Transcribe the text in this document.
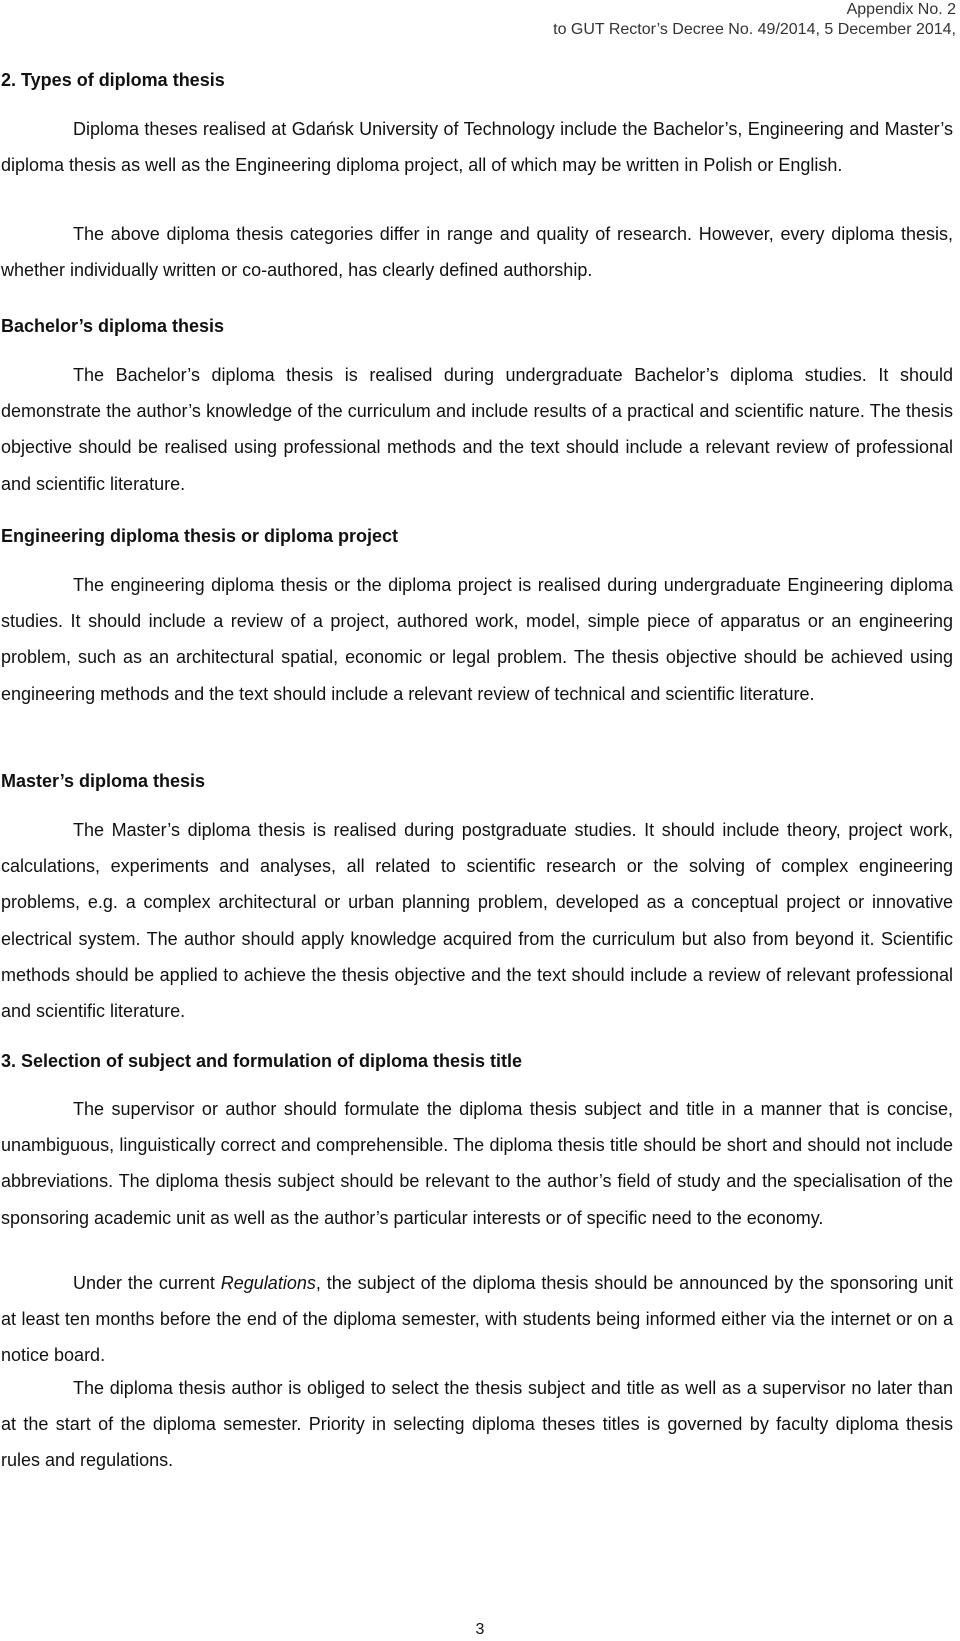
Appendix No. 2
to GUT Rector’s Decree No. 49/2014, 5 December 2014,
2. Types of diploma thesis

Diploma theses realised at Gdańsk University of Technology include the Bachelor’s, Engineering and Master’s diploma thesis as well as the Engineering diploma project, all of which may be written in Polish or English.

The above diploma thesis categories differ in range and quality of research. However, every diploma thesis, whether individually written or co-authored, has clearly defined authorship.

Bachelor’s diploma thesis

The Bachelor’s diploma thesis is realised during undergraduate Bachelor’s diploma studies. It should demonstrate the author’s knowledge of the curriculum and include results of a practical and scientific nature. The thesis objective should be realised using professional methods and the text should include a relevant review of professional and scientific literature.

Engineering diploma thesis or diploma project

The engineering diploma thesis or the diploma project is realised during undergraduate Engineering diploma studies. It should include a review of a project, authored work, model, simple piece of apparatus or an engineering problem, such as an architectural spatial, economic or legal problem. The thesis objective should be achieved using engineering methods and the text should include a relevant review of technical and scientific literature.

Master’s diploma thesis

The Master’s diploma thesis is realised during postgraduate studies. It should include theory, project work, calculations, experiments and analyses, all related to scientific research or the solving of complex engineering problems, e.g. a complex architectural or urban planning problem, developed as a conceptual project or innovative electrical system. The author should apply knowledge acquired from the curriculum but also from beyond it. Scientific methods should be applied to achieve the thesis objective and the text should include a review of relevant professional and scientific literature.

3. Selection of subject and formulation of diploma thesis title

The supervisor or author should formulate the diploma thesis subject and title in a manner that is concise, unambiguous, linguistically correct and comprehensible. The diploma thesis title should be short and should not include abbreviations. The diploma thesis subject should be relevant to the author’s field of study and the specialisation of the sponsoring academic unit as well as the author’s particular interests or of specific need to the economy.

Under the current Regulations, the subject of the diploma thesis should be announced by the sponsoring unit at least ten months before the end of the diploma semester, with students being informed either via the internet or on a notice board.

The diploma thesis author is obliged to select the thesis subject and title as well as a supervisor no later than at the start of the diploma semester. Priority in selecting diploma theses titles is governed by faculty diploma thesis rules and regulations.

3
